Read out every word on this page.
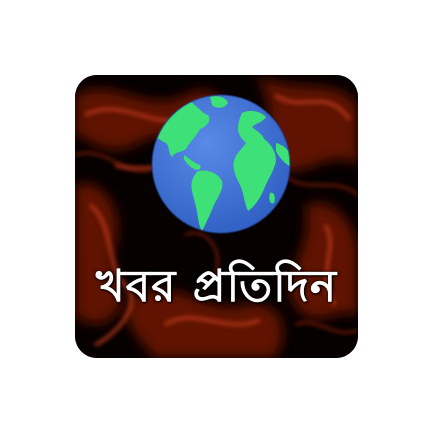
খবর প্রতিদিন
